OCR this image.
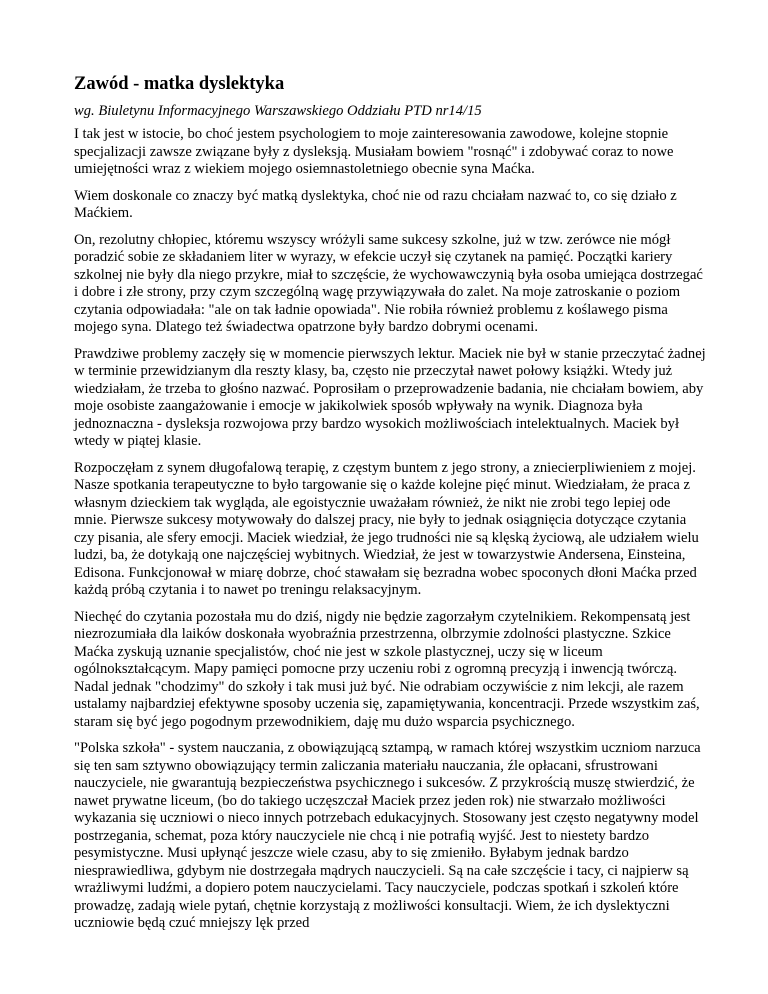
Zawód - matka dyslektyka
wg. Biuletynu Informacyjnego Warszawskiego Oddziału PTD nr14/15

I tak jest w istocie, bo choć jestem psychologiem to moje zainteresowania zawodowe, kolejne stopnie specjalizacji zawsze związane były z dysleksją. Musiałam bowiem "rosnąć" i zdobywać coraz to nowe umiejętności wraz z wiekiem mojego osiemnastoletniego obecnie syna Maćka.

Wiem doskonale co znaczy być matką dyslektyka, choć nie od razu chciałam nazwać to, co się działo z Maćkiem.

On, rezolutny chłopiec, któremu wszyscy wróżyli same sukcesy szkolne, już w tzw. zerówce nie mógł poradzić sobie ze składaniem liter w wyrazy, w efekcie uczył się czytanek na pamięć. Początki kariery szkolnej nie były dla niego przykre, miał to szczęście, że wychowawczynią była osoba umiejąca dostrzegać i dobre i złe strony, przy czym szczególną wagę przywiązywała do zalet. Na moje zatroskanie o poziom czytania odpowiadała: "ale on tak ładnie opowiada". Nie robiła również problemu z koślawego pisma mojego syna. Dlatego też świadectwa opatrzone były bardzo dobrymi ocenami.

Prawdziwe problemy zaczęły się w momencie pierwszych lektur. Maciek nie był w stanie przeczytać żadnej w terminie przewidzianym dla reszty klasy, ba, często nie przeczytał nawet połowy książki. Wtedy już wiedziałam, że trzeba to głośno nazwać. Poprosiłam o przeprowadzenie badania, nie chciałam bowiem, aby moje osobiste zaangażowanie i emocje w jakikolwiek sposób wpływały na wynik. Diagnoza była jednoznaczna - dysleksja rozwojowa przy bardzo wysokich możliwościach intelektualnych. Maciek był wtedy w piątej klasie.

Rozpoczęłam z synem długofalową terapię, z częstym buntem z jego strony, a zniecierpliwieniem z mojej. Nasze spotkania terapeutyczne to było targowanie się o każde kolejne pięć minut. Wiedziałam, że praca z własnym dzieckiem tak wygląda, ale egoistycznie uważałam również, że nikt nie zrobi tego lepiej ode mnie. Pierwsze sukcesy motywowały do dalszej pracy, nie były to jednak osiągnięcia dotyczące czytania czy pisania, ale sfery emocji. Maciek wiedział, że jego trudności nie są klęską życiową, ale udziałem wielu ludzi, ba, że dotykają one najczęściej wybitnych. Wiedział, że jest w towarzystwie Andersena, Einsteina, Edisona. Funkcjonował w miarę dobrze, choć stawałam się bezradna wobec spoconych dłoni Maćka przed każdą próbą czytania i to nawet po treningu relaksacyjnym.

Niechęć do czytania pozostała mu do dziś, nigdy nie będzie zagorzałym czytelnikiem. Rekompensatą jest niezrozumiała dla laików doskonała wyobraźnia przestrzenna, olbrzymie zdolności plastyczne. Szkice Maćka zyskują uznanie specjalistów, choć nie jest w szkole plastycznej, uczy się w liceum ogólnokształcącym. Mapy pamięci pomocne przy uczeniu robi z ogromną precyzją i inwencją twórczą. Nadal jednak "chodzimy" do szkoły i tak musi już być. Nie odrabiam oczywiście z nim lekcji, ale razem ustalamy najbardziej efektywne sposoby uczenia się, zapamiętywania, koncentracji. Przede wszystkim zaś, staram się być jego pogodnym przewodnikiem, daję mu dużo wsparcia psychicznego.

"Polska szkoła" - system nauczania, z obowiązującą sztampą, w ramach której wszystkim uczniom narzuca się ten sam sztywno obowiązujący termin zaliczania materiału nauczania, źle opłacani, sfrustrowani nauczyciele, nie gwarantują bezpieczeństwa psychicznego i sukcesów. Z przykrością muszę stwierdzić, że nawet prywatne liceum, (bo do takiego uczęszczał Maciek przez jeden rok) nie stwarzało możliwości wykazania się uczniowi o nieco innych potrzebach edukacyjnych. Stosowany jest często negatywny model postrzegania, schemat, poza który nauczyciele nie chcą i nie potrafią wyjść. Jest to niestety bardzo pesymistyczne. Musi upłynąć jeszcze wiele czasu, aby to się zmieniło. Byłabym jednak bardzo niesprawiedliwa, gdybym nie dostrzegała mądrych nauczycieli. Są na całe szczęście i tacy, ci najpierw są wrażliwymi ludźmi, a dopiero potem nauczycielami. Tacy nauczyciele, podczas spotkań i szkoleń które prowadzę, zadają wiele pytań, chętnie korzystają z możliwości konsultacji. Wiem, że ich dyslektyczni uczniowie będą czuć mniejszy lęk przed
